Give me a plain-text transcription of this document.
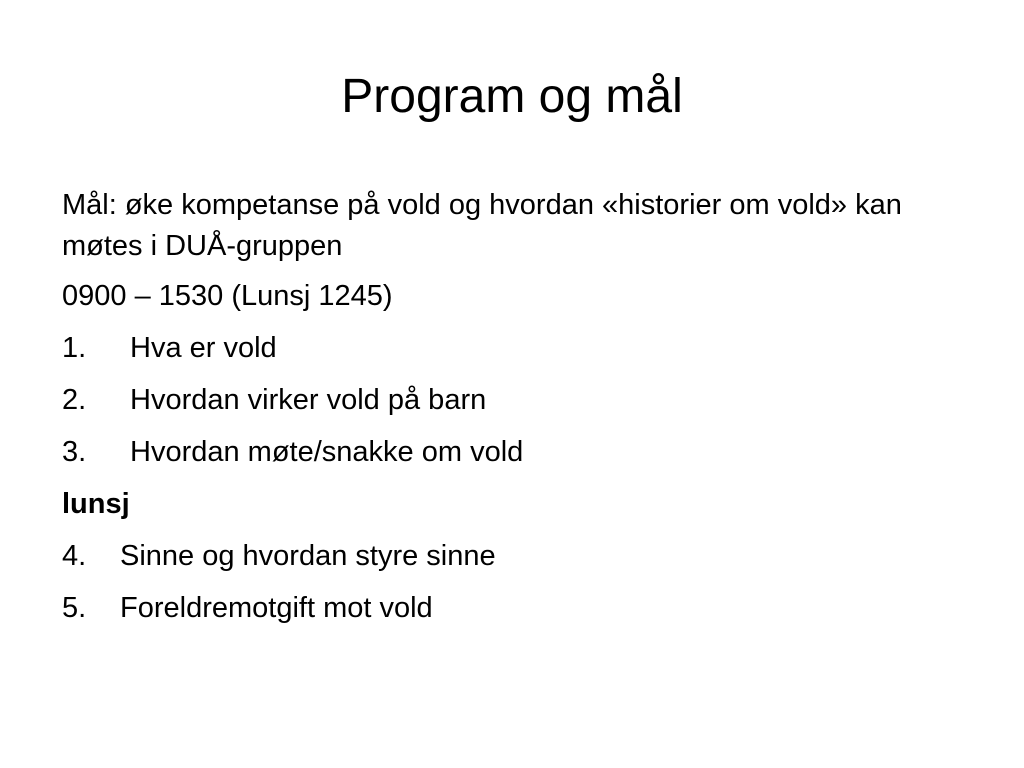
Program og mål
Mål: øke kompetanse på vold og hvordan «historier om vold» kan møtes i DUÅ-gruppen
0900 – 1530 (Lunsj 1245)
1.	Hva er vold
2.	Hvordan virker vold på barn
3.	Hvordan møte/snakke om vold
lunsj
4.	Sinne og hvordan styre sinne
5.	Foreldremotgift mot vold
